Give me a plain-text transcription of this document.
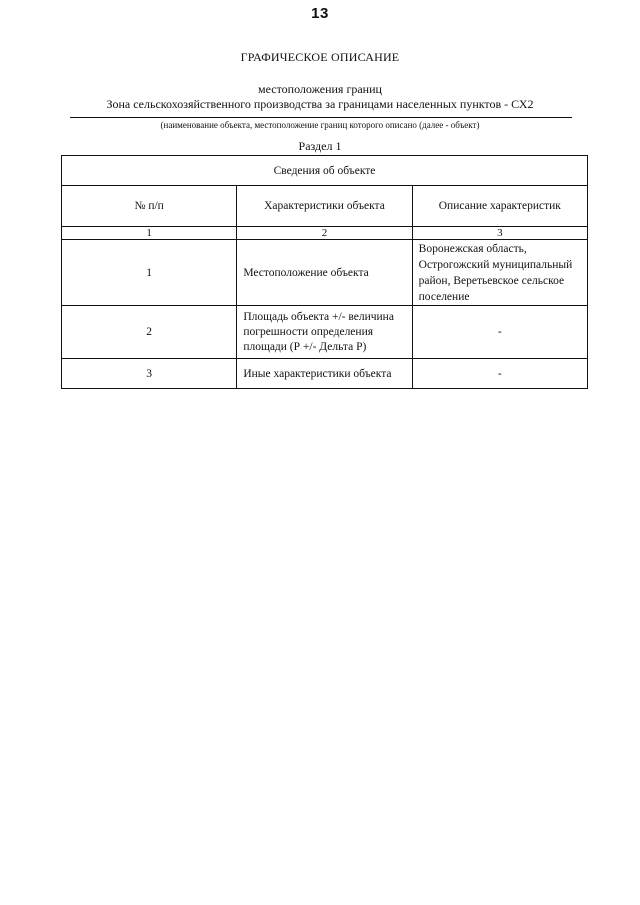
13
ГРАФИЧЕСКОЕ ОПИСАНИЕ
местоположения границ
Зона сельскохозяйственного производства за границами населенных пунктов - СХ2
(наименование объекта, местоположение границ которого описано (далее - объект)
Раздел 1
Сведения об объекте		
№ п/п	Характеристики объекта	Описание характеристик
1	2	3
1	Местоположение объекта	Воронежская область, Острогожский муниципальный район, Веретьевское сельское поселение
2	Площадь объекта +/- величина погрешности определения площади (Р +/- Дельта Р)	-
3	Иные характеристики объекта	-
